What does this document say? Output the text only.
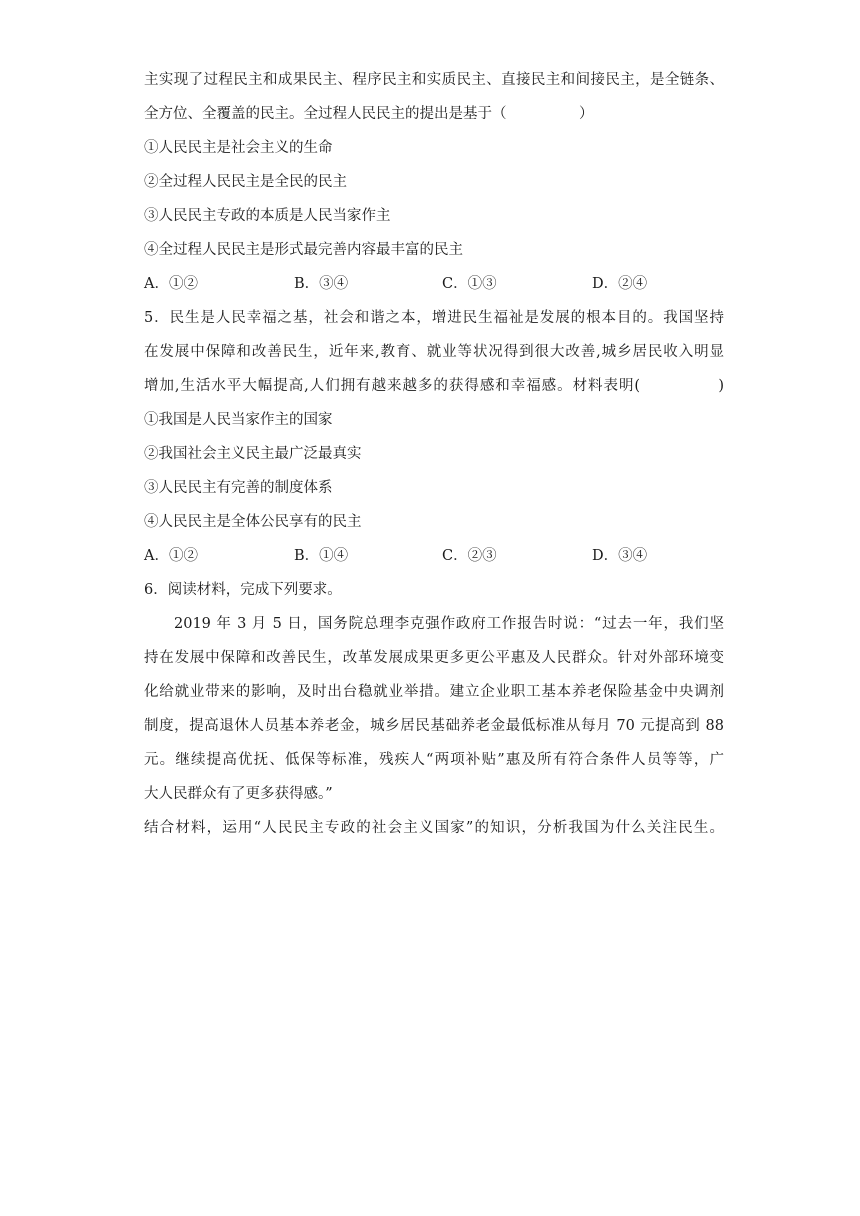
主实现了过程民主和成果民主、程序民主和实质民主、直接民主和间接民主，是全链条、
全方位、全覆盖的民主。全过程人民民主的提出是基于（　　　　　）
①人民民主是社会主义的生命
②全过程人民民主是全民的民主
③人民民主专政的本质是人民当家作主
④全过程人民民主是形式最完善内容最丰富的民主
A．①②	B．③④	C．①③	D．②④
5．民生是人民幸福之基，社会和谐之本，增进民生福祉是发展的根本目的。我国坚持
在发展中保障和改善民生，近年来,教育、就业等状况得到很大改善,城乡居民收入明显
增加,生活水平大幅提高,人们拥有越来越多的获得感和幸福感。材料表明(　　　　　)
①我国是人民当家作主的国家
②我国社会主义民主最广泛最真实
③人民民主有完善的制度体系
④人民民主是全体公民享有的民主
A．①②	B．①④	C．②③	D．③④
6．阅读材料，完成下列要求。
2019 年 3 月 5 日，国务院总理李克强作政府工作报告时说：“过去一年，我们坚
持在发展中保障和改善民生，改革发展成果更多更公平惠及人民群众。针对外部环境变
化给就业带来的影响，及时出台稳就业举措。建立企业职工基本养老保险基金中央调剂
制度，提高退休人员基本养老金，城乡居民基础养老金最低标准从每月 70 元提高到 88
元。继续提高优抚、低保等标准，残疾人“两项补贴”惠及所有符合条件人员等等，广
大人民群众有了更多获得感。”
结合材料，运用“人民民主专政的社会主义国家”的知识，分析我国为什么关注民生。
